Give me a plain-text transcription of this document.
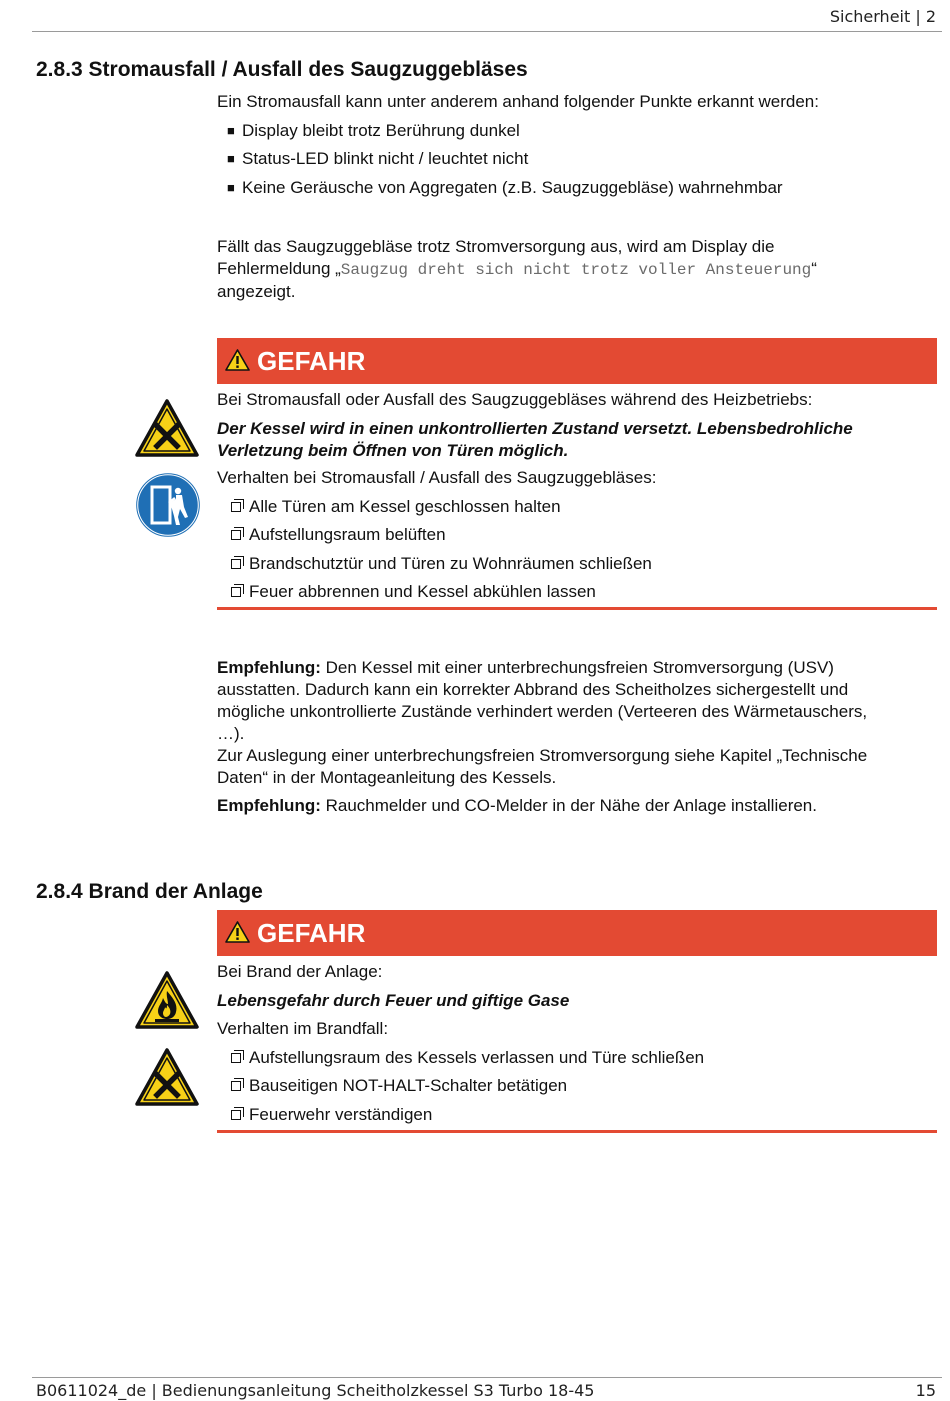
Sicherheit | 2
2.8.3 Stromausfall / Ausfall des Saugzuggebläses

Ein Stromausfall kann unter anderem anhand folgender Punkte erkannt werden:

■ Display bleibt trotz Berührung dunkel
■ Status-LED blinkt nicht / leuchtet nicht
■ Keine Geräusche von Aggregaten (z.B. Saugzuggebläse) wahrnehmbar

Fällt das Saugzuggebläse trotz Stromversorgung aus, wird am Display die
Fehlermeldung „Saugzug dreht sich nicht trotz voller Ansteuerung“
angezeigt.

GEFAHR

Bei Stromausfall oder Ausfall des Saugzuggebläses während des Heizbetriebs:

Der Kessel wird in einen unkontrollierten Zustand versetzt. Lebensbedrohliche
Verletzung beim Öffnen von Türen möglich.

Verhalten bei Stromausfall / Ausfall des Saugzuggebläses:

Alle Türen am Kessel geschlossen halten
Aufstellungsraum belüften
Brandschutztür und Türen zu Wohnräumen schließen
Feuer abbrennen und Kessel abkühlen lassen

Empfehlung: Den Kessel mit einer unterbrechungsfreien Stromversorgung (USV)
ausstatten. Dadurch kann ein korrekter Abbrand des Scheitholzes sichergestellt und
mögliche unkontrollierte Zustände verhindert werden (Verteeren des Wärmetauschers,
…).
Zur Auslegung einer unterbrechungsfreien Stromversorgung siehe Kapitel „Technische
Daten“ in der Montageanleitung des Kessels.

Empfehlung: Rauchmelder und CO-Melder in der Nähe der Anlage installieren.

2.8.4 Brand der Anlage
GEFAHR

Bei Brand der Anlage:

Lebensgefahr durch Feuer und giftige Gase

Verhalten im Brandfall:

Aufstellungsraum des Kessels verlassen und Türe schließen
Bauseitigen NOT-HALT-Schalter betätigen
Feuerwehr verständigen
B0611024_de | Bedienungsanleitung Scheitholzkessel S3 Turbo 18-45	15
